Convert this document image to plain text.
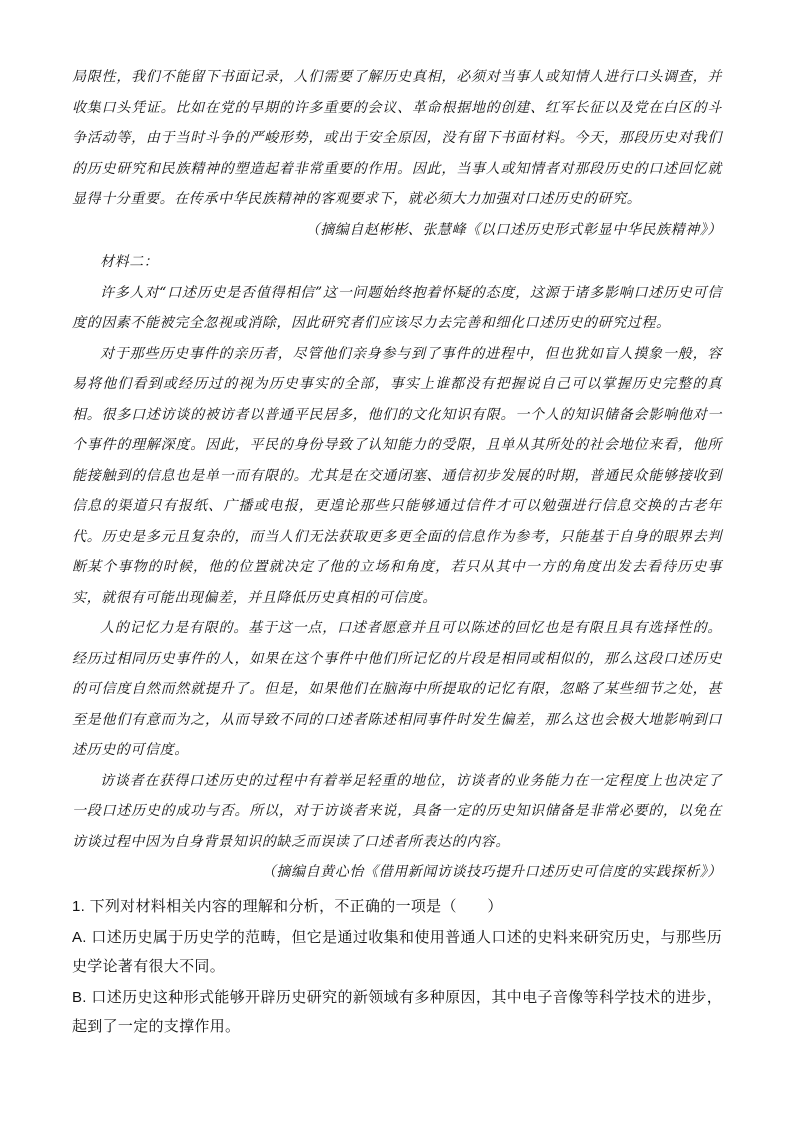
局限性，我们不能留下书面记录，人们需要了解历史真相，必须对当事人或知情人进行口头调查，并收集口头凭证。比如在党的早期的许多重要的会议、革命根据地的创建、红军长征以及党在白区的斗争活动等，由于当时斗争的严峻形势，或出于安全原因，没有留下书面材料。今天，那段历史对我们的历史研究和民族精神的塑造起着非常重要的作用。因此，当事人或知情者对那段历史的口述回忆就显得十分重要。在传承中华民族精神的客观要求下，就必须大力加强对口述历史的研究。

（摘编自赵彬彬、张慧峰《以口述历史形式彰显中华民族精神》）

材料二：

许多人对“口述历史是否值得相信”这一问题始终抱着怀疑的态度，这源于诸多影响口述历史可信度的因素不能被完全忽视或消除，因此研究者们应该尽力去完善和细化口述历史的研究过程。

对于那些历史事件的亲历者，尽管他们亲身参与到了事件的进程中，但也犹如盲人摸象一般，容易将他们看到或经历过的视为历史事实的全部，事实上谁都没有把握说自己可以掌握历史完整的真相。很多口述访谈的被访者以普通平民居多，他们的文化知识有限。一个人的知识储备会影响他对一个事件的理解深度。因此，平民的身份导致了认知能力的受限，且单从其所处的社会地位来看，他所能接触到的信息也是单一而有限的。尤其是在交通闭塞、通信初步发展的时期，普通民众能够接收到信息的渠道只有报纸、广播或电报，更遑论那些只能够通过信件才可以勉强进行信息交换的古老年代。历史是多元且复杂的，而当人们无法获取更多更全面的信息作为参考，只能基于自身的眼界去判断某个事物的时候，他的位置就决定了他的立场和角度，若只从其中一方的角度出发去看待历史事实，就很有可能出现偏差，并且降低历史真相的可信度。

人的记忆力是有限的。基于这一点，口述者愿意并且可以陈述的回忆也是有限且具有选择性的。经历过相同历史事件的人，如果在这个事件中他们所记忆的片段是相同或相似的，那么这段口述历史的可信度自然而然就提升了。但是，如果他们在脑海中所提取的记忆有限，忽略了某些细节之处，甚至是他们有意而为之，从而导致不同的口述者陈述相同事件时发生偏差，那么这也会极大地影响到口述历史的可信度。

访谈者在获得口述历史的过程中有着举足轻重的地位，访谈者的业务能力在一定程度上也决定了一段口述历史的成功与否。所以，对于访谈者来说，具备一定的历史知识储备是非常必要的，以免在访谈过程中因为自身背景知识的缺乏而误读了口述者所表达的内容。

（摘编自黄心怡《借用新闻访谈技巧提升口述历史可信度的实践探析》）

1. 下列对材料相关内容的理解和分析，不正确的一项是（　　）

A. 口述历史属于历史学的范畴，但它是通过收集和使用普通人口述的史料来研究历史，与那些历史学论著有很大不同。

B. 口述历史这种形式能够开辟历史研究的新领域有多种原因，其中电子音像等科学技术的进步，起到了一定的支撑作用。
